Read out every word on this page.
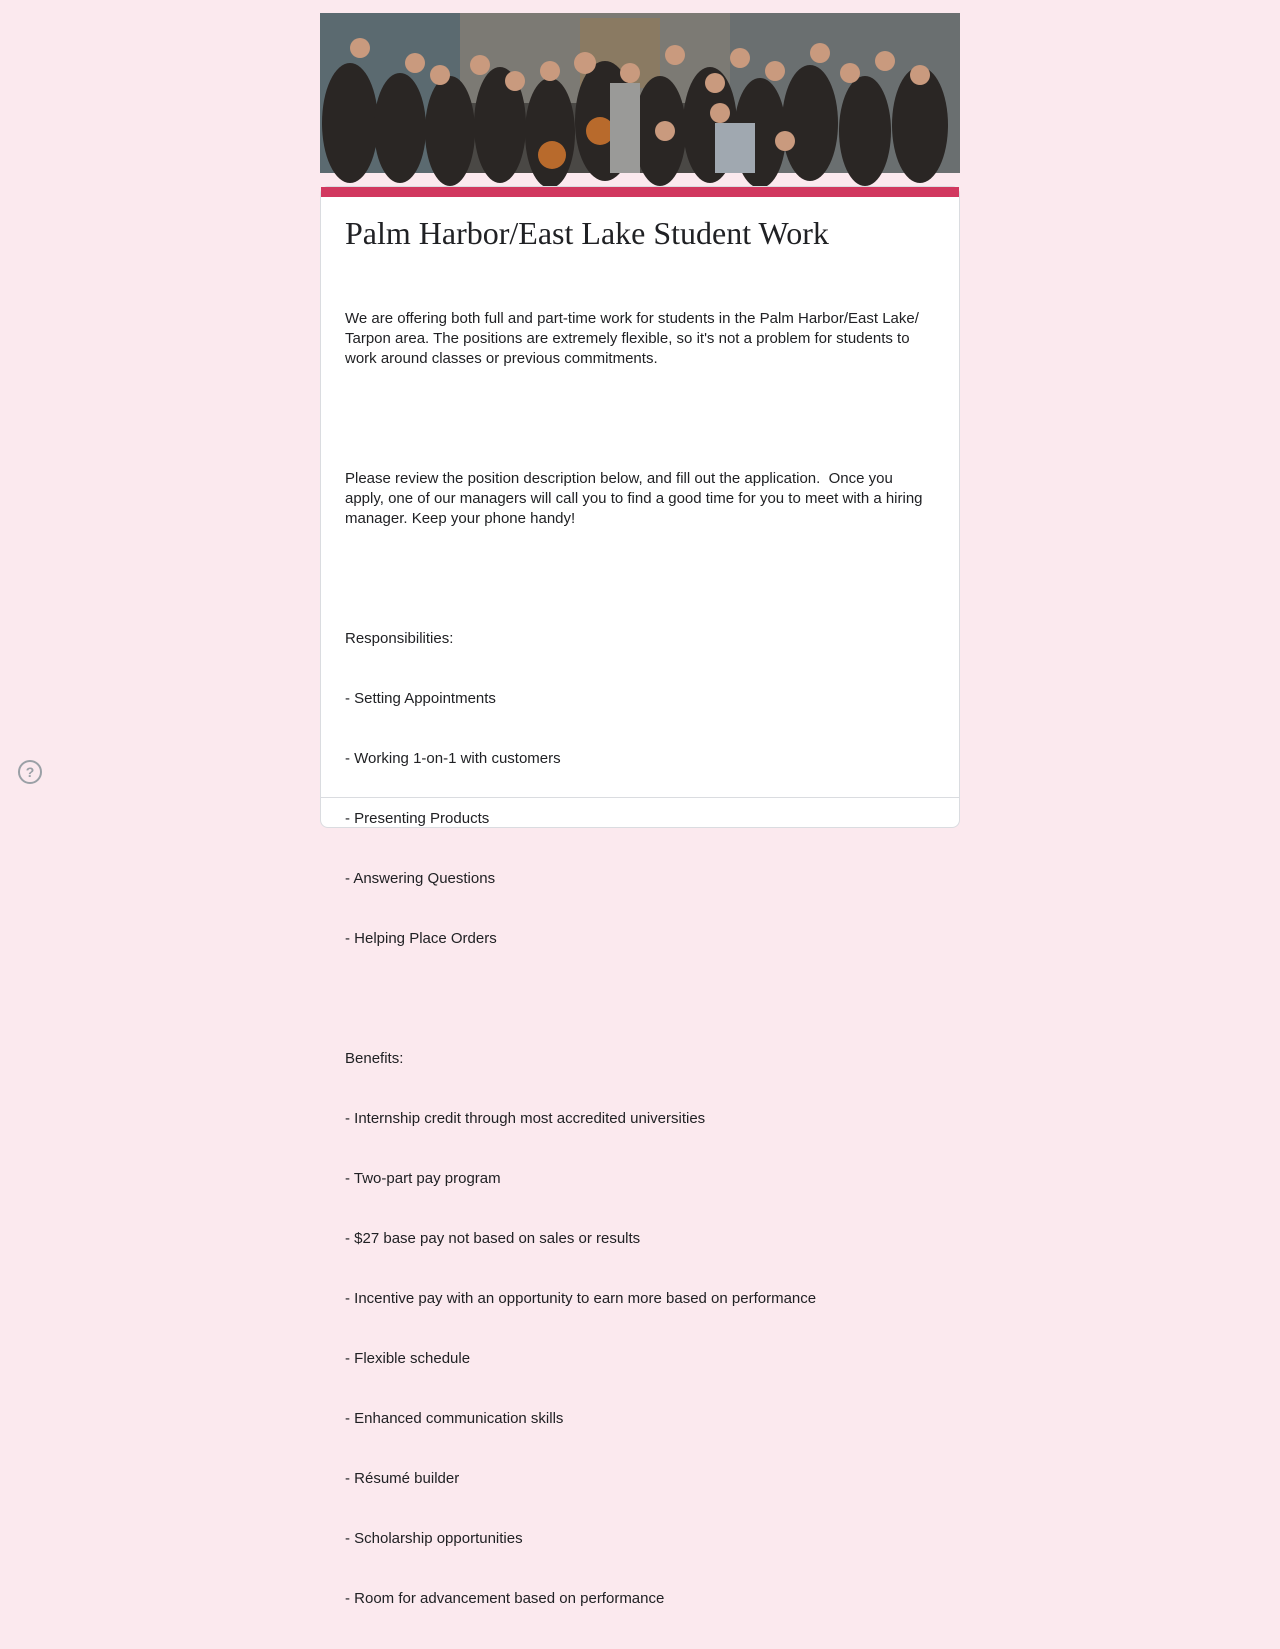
Palm Harbor/East Lake Student Work

We are offering both full and part-time work for students in the Palm Harbor/East Lake/ Tarpon area. The positions are extremely flexible, so it's not a problem for students to work around classes or previous commitments.

Please review the position description below, and fill out the application.  Once you apply, one of our managers will call you to find a good time for you to meet with a hiring manager. Keep your phone handy!

Responsibilities:

- Setting Appointments

- Working 1-on-1 with customers

- Presenting Products

- Answering Questions

- Helping Place Orders

Benefits:

- Internship credit through most accredited universities

- Two-part pay program

- $27 base pay not based on sales or results

- Incentive pay with an opportunity to earn more based on performance

- Flexible schedule

- Enhanced communication skills

- Résumé builder

- Scholarship opportunities

- Room for advancement based on performance

?
